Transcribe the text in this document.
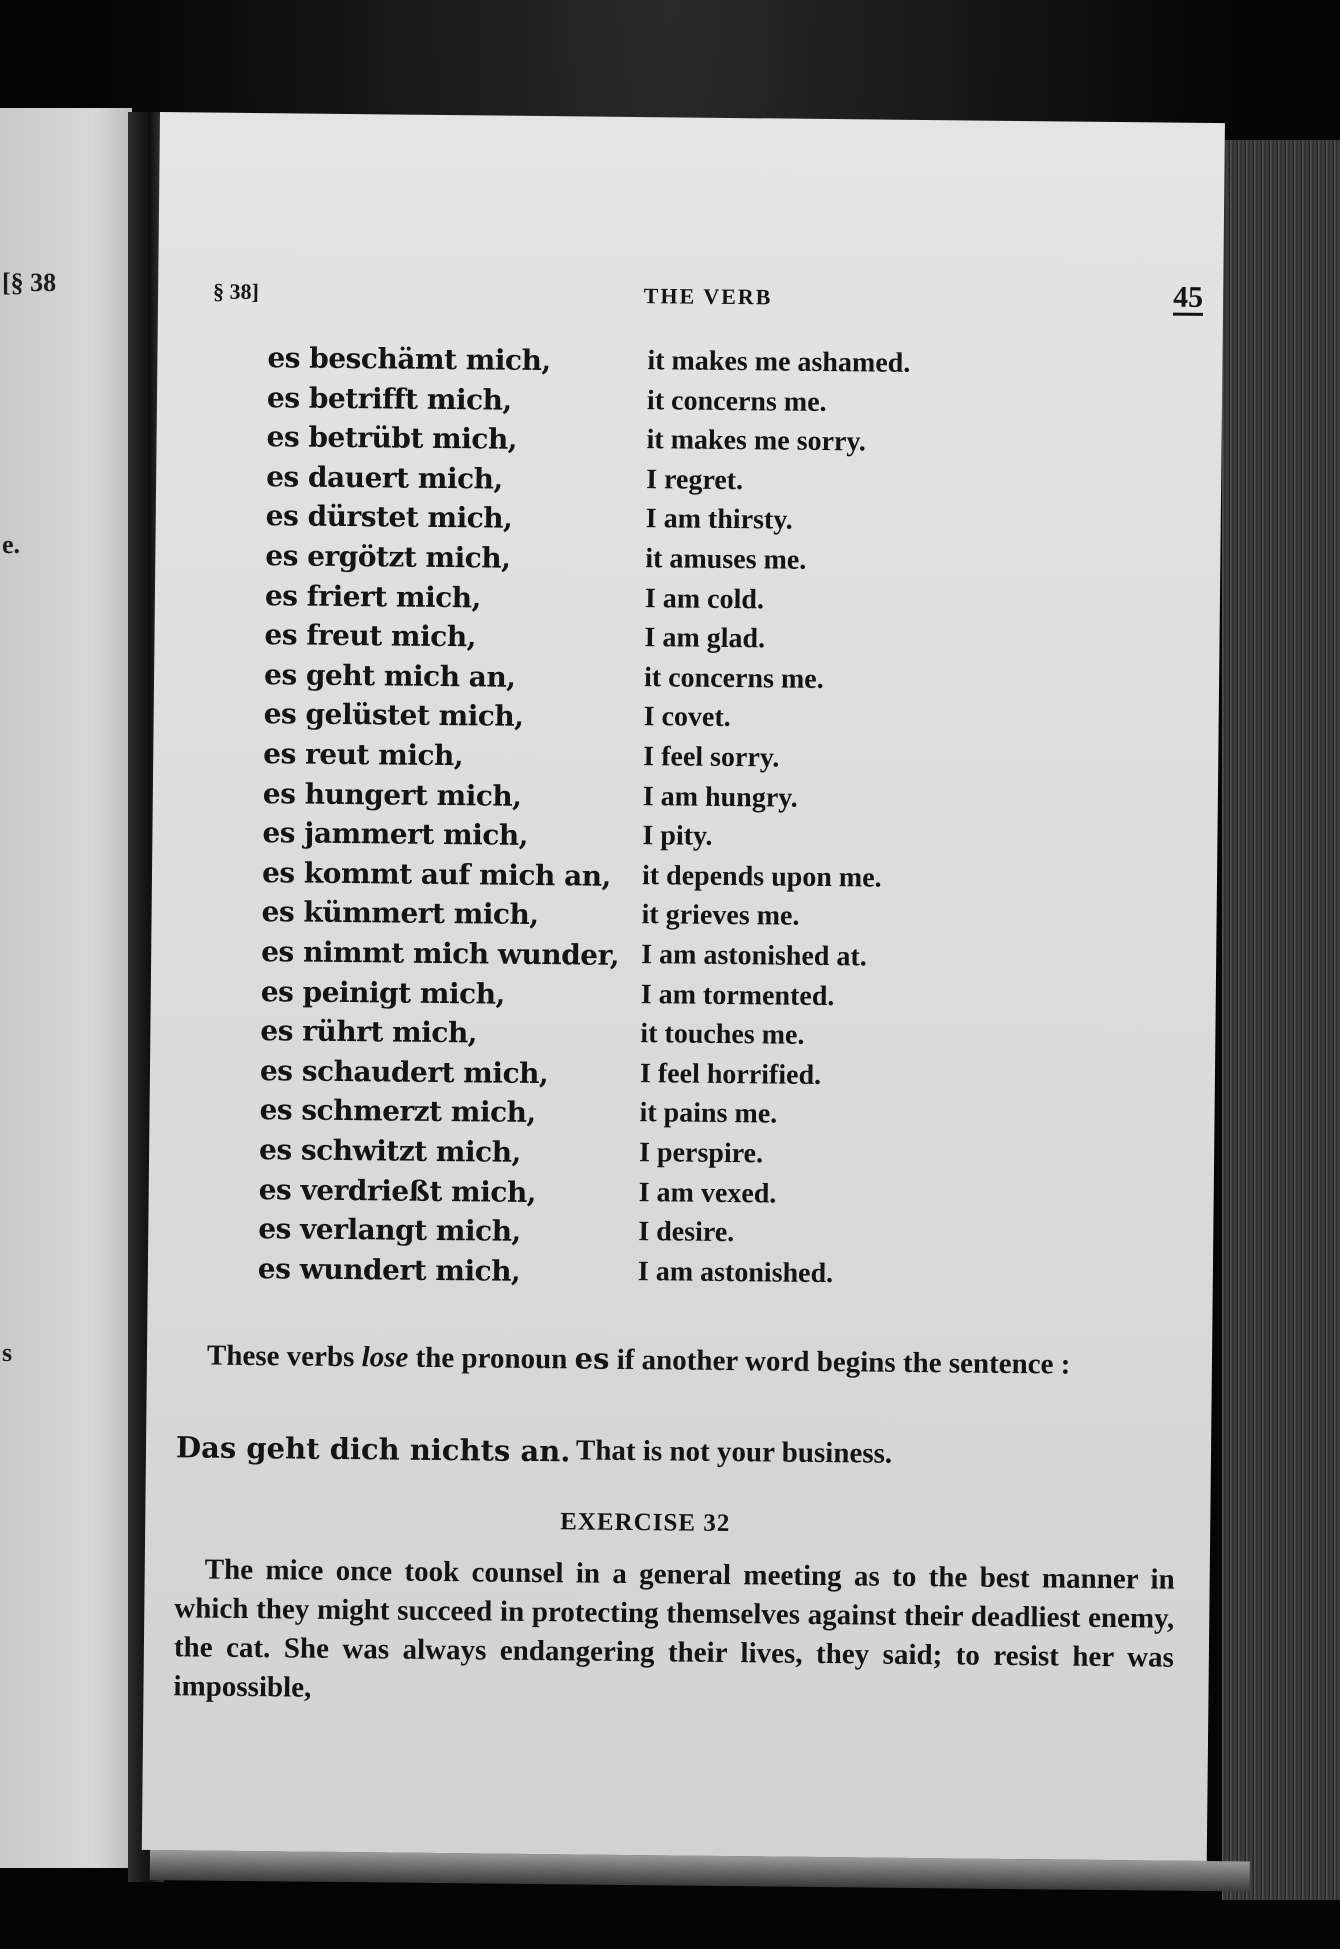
[§ 38
e.
s
§ 38]	THE VERB	45
es beschämt mich,	it makes me ashamed.
es betrifft mich,	it concerns me.
es betrübt mich,	it makes me sorry.
es dauert mich,	I regret.
es dürstet mich,	I am thirsty.
es ergötzt mich,	it amuses me.
es friert mich,	I am cold.
es freut mich,	I am glad.
es geht mich an,	it concerns me.
es gelüstet mich,	I covet.
es reut mich,	I feel sorry.
es hungert mich,	I am hungry.
es jammert mich,	I pity.
es kommt auf mich an, it depends upon me.
es kümmert mich,	it grieves me.
es nimmt mich wunder, I am astonished at.
es peinigt mich,	I am tormented.
es rührt mich,	it touches me.
es schaudert mich,	I feel horrified.
es schmerzt mich,	it pains me.
es schwitzt mich,	I perspire.
es verdrießt mich,	I am vexed.
es verlangt mich,	I desire.
es wundert mich,	I am astonished.
These verbs lose the pronoun es if another word begins the sentence :
Das geht dich nichts an. That is not your business.
EXERCISE 32
The mice once took counsel in a general meeting as to the best manner in which they might succeed in protecting themselves against their deadliest enemy, the cat. She was always endangering their lives, they said; to resist her was impossible,
